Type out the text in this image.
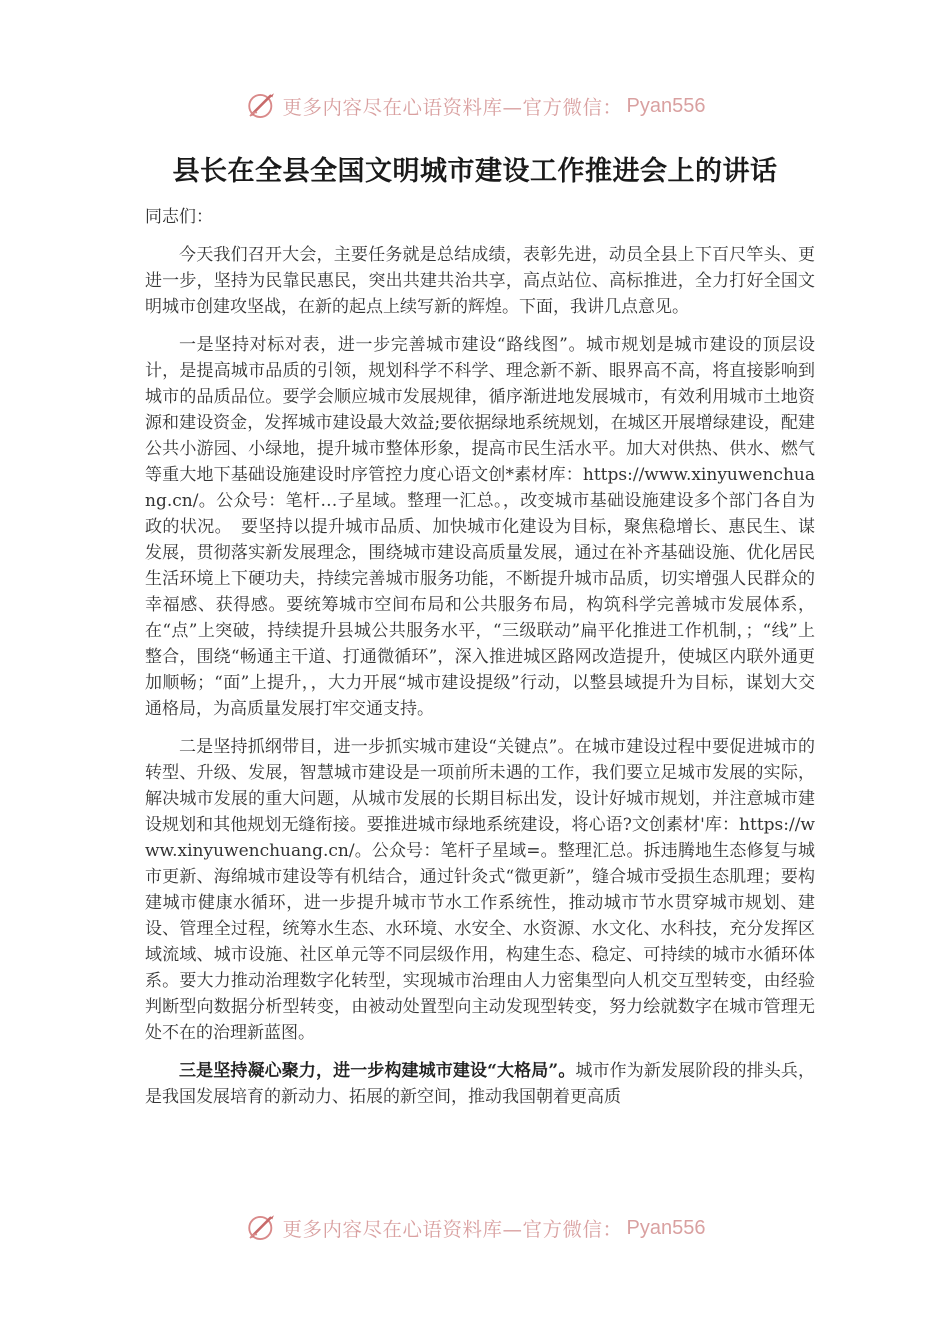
更多内容尽在心语资料库—官方微信： Pyan556
县长在全县全国文明城市建设工作推进会上的讲话

同志们：

今天我们召开大会，主要任务就是总结成绩，表彰先进，动员全县上下百尺竿头、更进一步，坚持为民靠民惠民，突出共建共治共享，高点站位、高标推进，全力打好全国文明城市创建攻坚战，在新的起点上续写新的辉煌。下面，我讲几点意见。

一是坚持对标对表，进一步完善城市建设“路线图”。城市规划是城市建设的顶层设计，是提高城市品质的引领，规划科学不科学、理念新不新、眼界高不高，将直接影响到城市的品质品位。要学会顺应城市发展规律，循序渐进地发展城市，有效利用城市土地资源和建设资金，发挥城市建设最大效益;要依据绿地系统规划，在城区开展增绿建设，配建公共小游园、小绿地，提升城市整体形象，提高市民生活水平。加大对供热、供水、燃气等重大地下基础设施建设时序管控力度心语文创*素材库：https://www.xinyuwenchuang.cn/。公众号：笔杆…子星域。整理一汇总。，改变城市基础设施建设多个部门各自为政的状况。　要坚持以提升城市品质、加快城市化建设为目标，聚焦稳增长、惠民生、谋发展，贯彻落实新发展理念，围绕城市建设高质量发展，通过在补齐基础设施、优化居民生活环境上下硬功夫，持续完善城市服务功能，不断提升城市品质，切实增强人民群众的幸福感、获得感。要统筹城市空间布局和公共服务布局，构筑科学完善城市发展体系，在“点”上突破，持续提升县城公共服务水平，“三级联动”扁平化推进工作机制，；“线”上整合，围绕“畅通主干道、打通微循环”，深入推进城区路网改造提升，使城区内联外通更加顺畅；“面”上提升，，大力开展“城市建设提级”行动，以整县域提升为目标，谋划大交通格局，为高质量发展打牢交通支持。

二是坚持抓纲带目，进一步抓实城市建设“关键点”。在城市建设过程中要促进城市的转型、升级、发展，智慧城市建设是一项前所未遇的工作，我们要立足城市发展的实际，解决城市发展的重大问题，从城市发展的长期目标出发，设计好城市规划，并注意城市建设规划和其他规划无缝衔接。要推进城市绿地系统建设，将心语?文创素材'库：https://www.xinyuwenchuang.cn/。公众号：笔杆子星域=。整理汇总。拆违腾地生态修复与城市更新、海绵城市建设等有机结合，通过针灸式“微更新”，缝合城市受损生态肌理；要构建城市健康水循环，进一步提升城市节水工作系统性，推动城市节水贯穿城市规划、建设、管理全过程，统筹水生态、水环境、水安全、水资源、水文化、水科技，充分发挥区域流域、城市设施、社区单元等不同层级作用，构建生态、稳定、可持续的城市水循环体系。要大力推动治理数字化转型，实现城市治理由人力密集型向人机交互型转变，由经验判断型向数据分析型转变，由被动处置型向主动发现型转变，努力绘就数字在城市管理无处不在的治理新蓝图。

三是坚持凝心聚力，进一步构建城市建设“大格局”。城市作为新发展阶段的排头兵，是我国发展培育的新动力、拓展的新空间，推动我国朝着更高质

更多内容尽在心语资料库—官方微信： Pyan556
